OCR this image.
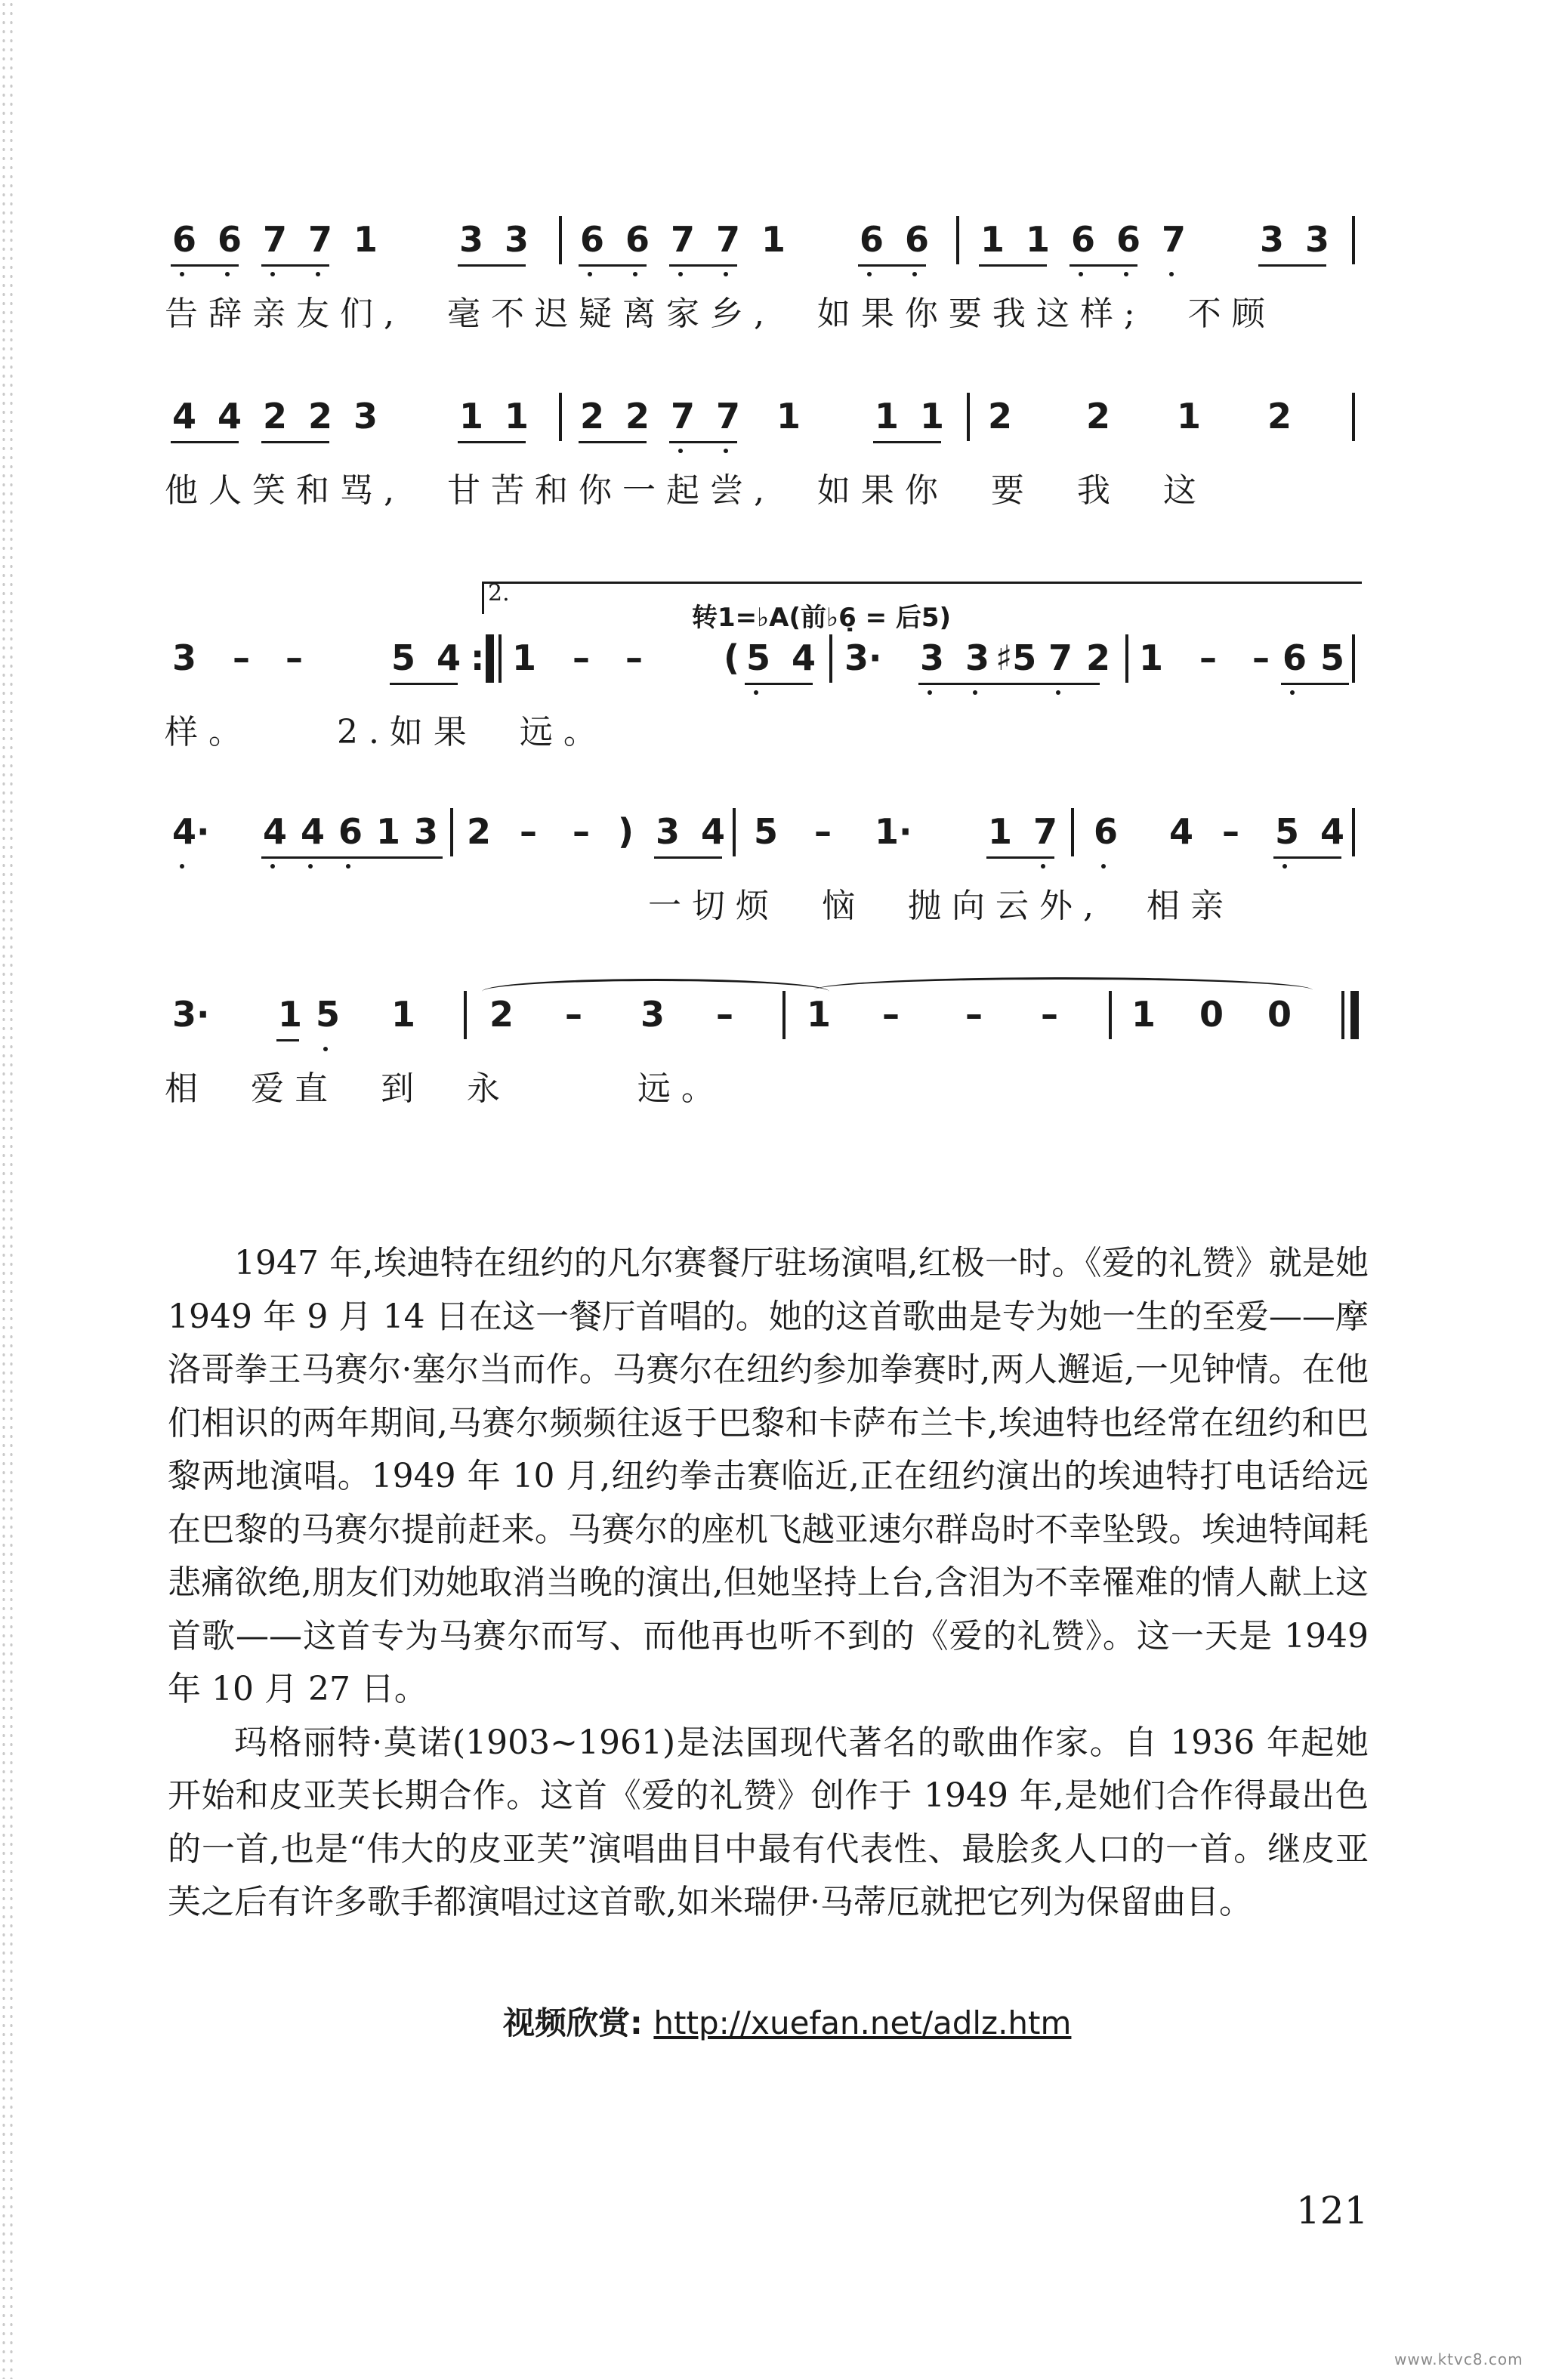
6

6

7

7

1

3

3

6

6

7

7

1

6

6

1

1

6

6

7

3

3

告辞亲友们,  毫不迟疑离家乡,  如果你要我这样;  不顾

4

4

2

2

3

1

1

2

2

7

7

1

1

1

2

2

1

2

他人笑和骂,  甘苦和你一起尝,  如果你  要  我  这
2.
转1=♭A(前♭6̣ = 后5)

3

–

–

	5

4

:

1

–

–

(

5

4

3·

3

3

♯5

7

2

1

–

–

6

5

样。    2.如果  远。

4·

4

4

6

1

3

2

–

–

)

3

4

5

–

1·

1

7

6

4

–

5

4

一切烦  恼  抛向云外,  相亲

3·

1

5

1

2

–

3

–

1

–

–

–

1

0

0

相  爱直  到  永      远。

1947 年,埃迪特在纽约的凡尔赛餐厅驻场演唱,红极一时。《爱的礼赞》就是她 1949 年 9 月 14 日在这一餐厅首唱的。她的这首歌曲是专为她一生的至爱——摩洛哥拳王马赛尔·塞尔当而作。马赛尔在纽约参加拳赛时,两人邂逅,一见钟情。在他们相识的两年期间,马赛尔频频往返于巴黎和卡萨布兰卡,埃迪特也经常在纽约和巴黎两地演唱。1949 年 10 月,纽约拳击赛临近,正在纽约演出的埃迪特打电话给远在巴黎的马赛尔提前赶来。马赛尔的座机飞越亚速尔群岛时不幸坠毁。埃迪特闻耗悲痛欲绝,朋友们劝她取消当晚的演出,但她坚持上台,含泪为不幸罹难的情人献上这首歌——这首专为马赛尔而写、而他再也听不到的《爱的礼赞》。这一天是 1949 年 10 月 27 日。

玛格丽特·莫诺(1903~1961)是法国现代著名的歌曲作家。自 1936 年起她开始和皮亚芙长期合作。这首《爱的礼赞》创作于 1949 年,是她们合作得最出色的一首,也是“伟大的皮亚芙”演唱曲目中最有代表性、最脍炙人口的一首。继皮亚芙之后有许多歌手都演唱过这首歌,如米瑞伊·马蒂厄就把它列为保留曲目。

视频欣赏: http://xuefan.net/adlz.htm
121
www.ktvc8.com
